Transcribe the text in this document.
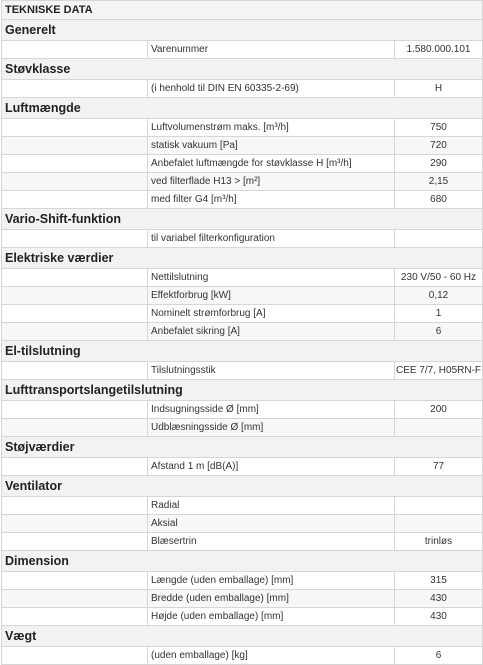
TEKNISKE DATA		
Generelt		
	Varenummer	1.580.000.101
Støvklasse		
	(i henhold til DIN EN 60335-2-69)	H
Luftmængde		
	Luftvolumenstrøm maks. [m³/h]	750
	statisk vakuum [Pa]	720
	Anbefalet luftmængde for støvklasse H [m³/h]	290
	ved filterflade H13 > [m²]	2,15
	med filter G4 [m³/h]	680
Vario-Shift-funktion		
	til variabel filterkonfiguration	
Elektriske værdier		
	Nettilslutning	230 V/50 - 60 Hz
	Effektforbrug [kW]	0,12
	Nominelt strømforbrug [A]	1
	Anbefalet sikring [A]	6
El-tilslutning		
	Tilslutningsstik	CEE 7/7, H05RN-F
Lufttransportslangetilslutning		
	Indsugningsside Ø [mm]	200
	Udblæsningsside Ø [mm]	
Støjværdier		
	Afstand 1 m [dB(A)]	77
Ventilator		
	Radial	
	Aksial	
	Blæsertrin	trinløs
Dimension		
	Længde (uden emballage) [mm]	315
	Bredde (uden emballage) [mm]	430
	Højde (uden emballage) [mm]	430
Vægt		
	(uden emballage) [kg]	6
